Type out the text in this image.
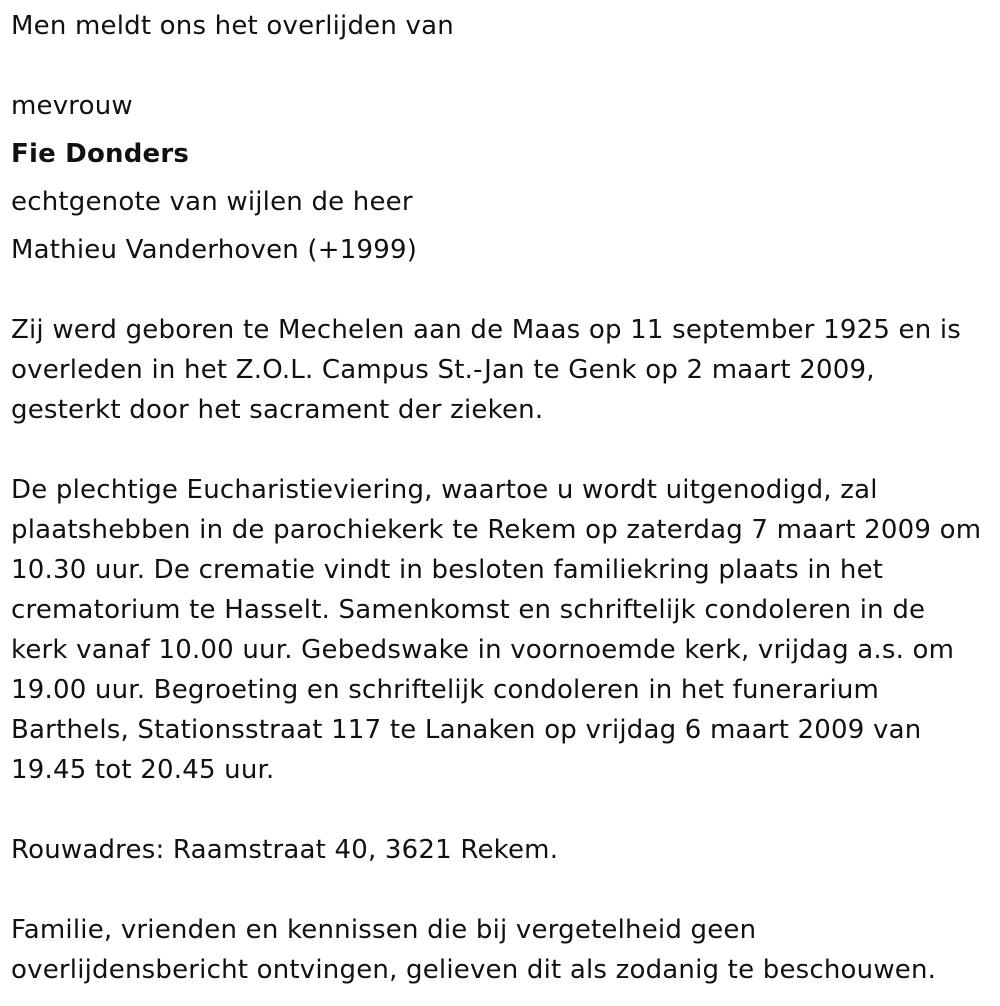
Men meldt ons het overlijden van
mevrouw
Fie Donders
echtgenote van wijlen de heer
Mathieu Vanderhoven (+1999)
Zij werd geboren te Mechelen aan de Maas op 11 september 1925 en is
overleden in het Z.O.L. Campus St.-Jan te Genk op 2 maart 2009,
gesterkt door het sacrament der zieken.
De plechtige Eucharistieviering, waartoe u wordt uitgenodigd, zal
plaatshebben in de parochiekerk te Rekem op zaterdag 7 maart 2009 om
10.30 uur. De crematie vindt in besloten familiekring plaats in het
crematorium te Hasselt. Samenkomst en schriftelijk condoleren in de
kerk vanaf 10.00 uur. Gebedswake in voornoemde kerk, vrijdag a.s. om
19.00 uur. Begroeting en schriftelijk condoleren in het funerarium
Barthels, Stationsstraat 117 te Lanaken op vrijdag 6 maart 2009 van
19.45 tot 20.45 uur.
Rouwadres: Raamstraat 40, 3621 Rekem.
Familie, vrienden en kennissen die bij vergetelheid geen
overlijdensbericht ontvingen, gelieven dit als zodanig te beschouwen.
